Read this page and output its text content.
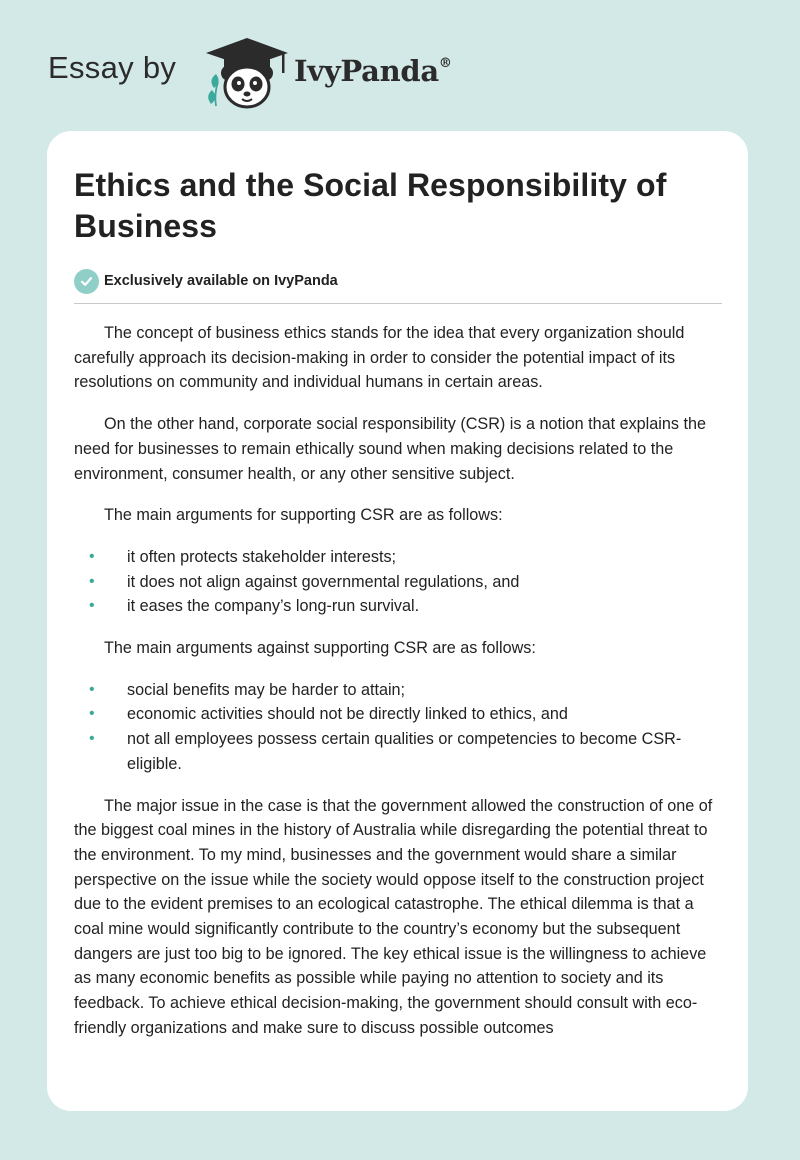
Essay by	IvyPanda®
Ethics and the Social Responsibility of Business
Exclusively available on IvyPanda

The concept of business ethics stands for the idea that every organization should carefully approach its decision-making in order to consider the potential impact of its resolutions on community and individual humans in certain areas.

On the other hand, corporate social responsibility (CSR) is a notion that explains the need for businesses to remain ethically sound when making decisions related to the environment, consumer health, or any other sensitive subject.

The main arguments for supporting CSR are as follows:

• it often protects stakeholder interests;
• it does not align against governmental regulations, and
• it eases the company’s long-run survival.

The main arguments against supporting CSR are as follows:

• social benefits may be harder to attain;
• economic activities should not be directly linked to ethics, and
• not all employees possess certain qualities or competencies to become CSR-eligible.

The major issue in the case is that the government allowed the construction of one of the biggest coal mines in the history of Australia while disregarding the potential threat to the environment. To my mind, businesses and the government would share a similar perspective on the issue while the society would oppose itself to the construction project due to the evident premises to an ecological catastrophe. The ethical dilemma is that a coal mine would significantly contribute to the country’s economy but the subsequent dangers are just too big to be ignored. The key ethical issue is the willingness to achieve as many economic benefits as possible while paying no attention to society and its feedback. To achieve ethical decision-making, the government should consult with eco-friendly organizations and make sure to discuss possible outcomes
